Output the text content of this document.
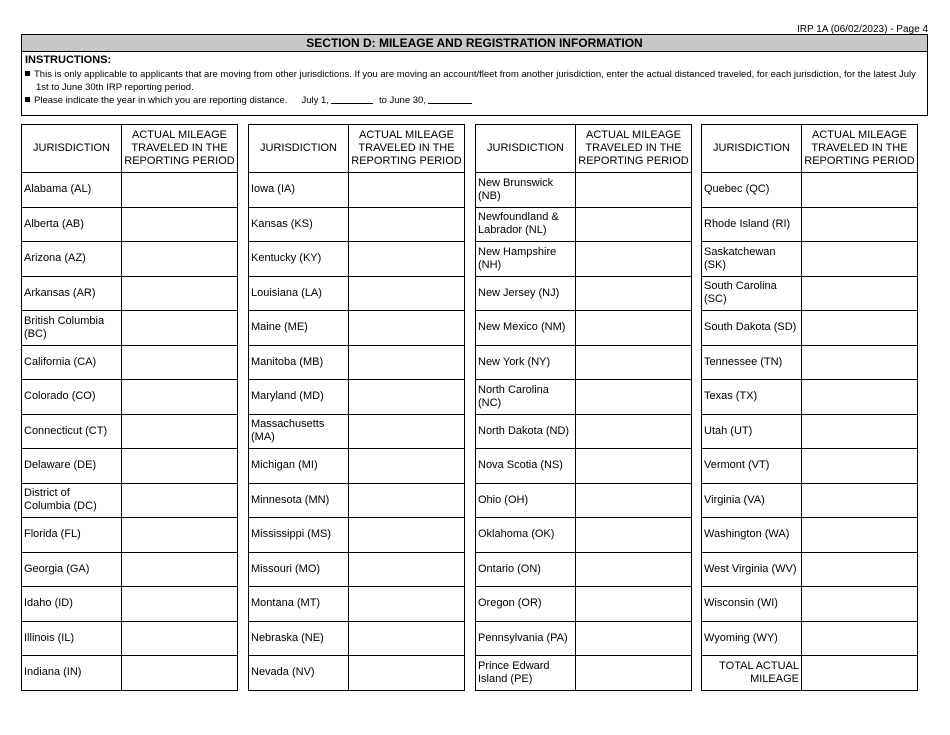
IRP 1A (06/02/2023) - Page 4
SECTION D: MILEAGE AND REGISTRATION INFORMATION
INSTRUCTIONS:
This is only applicable to applicants that are moving from other jurisdictions. If you are moving an account/fleet from another jurisdiction, enter the actual distanced traveled, for each jurisdiction, for the latest July
1st to June 30th IRP reporting period.
Please indicate the year in which you are reporting distance. July 1,	to June 30,
JURISDICTION	ACTUAL MILEAGE TRAVELED IN THE REPORTING PERIOD
Alabama (AL)	
Alberta (AB)	
Arizona (AZ)	
Arkansas (AR)	
British Columbia (BC)	
California (CA)	
Colorado (CO)	
Connecticut (CT)	
Delaware (DE)	
District of Columbia (DC)	
Florida (FL)	
Georgia (GA)	
Idaho (ID)	
Illinois (IL)	
Indiana (IN)	
JURISDICTION	ACTUAL MILEAGE TRAVELED IN THE REPORTING PERIOD
Iowa (IA)	
Kansas (KS)	
Kentucky (KY)	
Louisiana (LA)	
Maine (ME)	
Manitoba (MB)	
Maryland (MD)	
Massachusetts (MA)	
Michigan (MI)	
Minnesota (MN)	
Mississippi (MS)	
Missouri (MO)	
Montana (MT)	
Nebraska (NE)	
Nevada (NV)	
JURISDICTION	ACTUAL MILEAGE TRAVELED IN THE REPORTING PERIOD
New Brunswick (NB)	
Newfoundland & Labrador (NL)	
New Hampshire (NH)	
New Jersey (NJ)	
New Mexico (NM)	
New York (NY)	
North Carolina (NC)	
North Dakota (ND)	
Nova Scotia (NS)	
Ohio (OH)	
Oklahoma (OK)	
Ontario (ON)	
Oregon (OR)	
Pennsylvania (PA)	
Prince Edward Island (PE)	
JURISDICTION	ACTUAL MILEAGE TRAVELED IN THE REPORTING PERIOD
Quebec (QC)	
Rhode Island (RI)	
Saskatchewan (SK)	
South Carolina (SC)	
South Dakota (SD)	
Tennessee (TN)	
Texas (TX)	
Utah (UT)	
Vermont (VT)	
Virginia (VA)	
Washington (WA)	
West Virginia (WV)	
Wisconsin (WI)	
Wyoming (WY)	
TOTAL ACTUAL MILEAGE	
